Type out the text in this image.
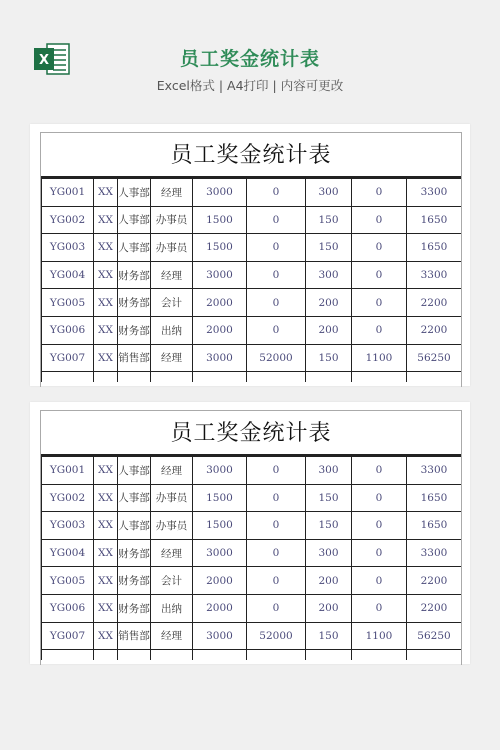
X	员工奖金统计表
Excel格式 | A4打印 | 内容可更改
员工奖金统计表
YG001	XX	人事部	经理	3000	0	300	0	3300
YG002	XX	人事部	办事员	1500	0	150	0	1650
YG003	XX	人事部	办事员	1500	0	150	0	1650
YG004	XX	财务部	经理	3000	0	300	0	3300
YG005	XX	财务部	会计	2000	0	200	0	2200
YG006	XX	财务部	出纳	2000	0	200	0	2200
YG007	XX	销售部	经理	3000	52000	150	1100	56250

员工奖金统计表
YG001	XX	人事部	经理	3000	0	300	0	3300
YG002	XX	人事部	办事员	1500	0	150	0	1650
YG003	XX	人事部	办事员	1500	0	150	0	1650
YG004	XX	财务部	经理	3000	0	300	0	3300
YG005	XX	财务部	会计	2000	0	200	0	2200
YG006	XX	财务部	出纳	2000	0	200	0	2200
YG007	XX	销售部	经理	3000	52000	150	1100	56250
